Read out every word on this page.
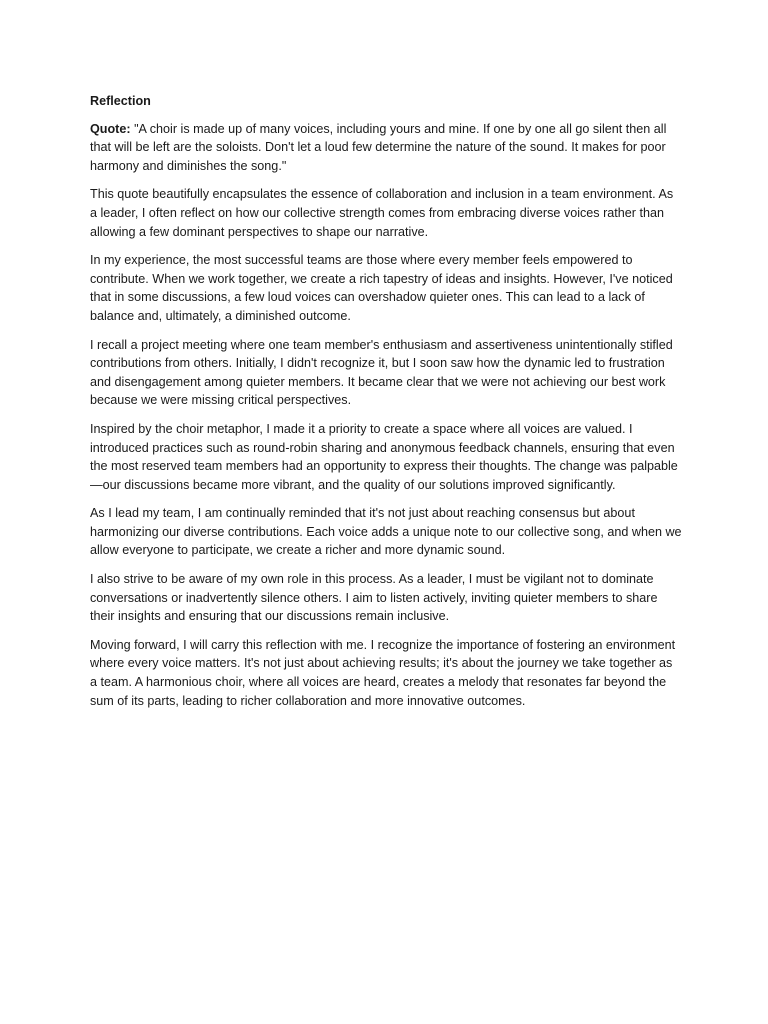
Reflection

Quote: "A choir is made up of many voices, including yours and mine. If one by one all go silent then all that will be left are the soloists. Don't let a loud few determine the nature of the sound. It makes for poor harmony and diminishes the song."

This quote beautifully encapsulates the essence of collaboration and inclusion in a team environment. As a leader, I often reflect on how our collective strength comes from embracing diverse voices rather than allowing a few dominant perspectives to shape our narrative.

In my experience, the most successful teams are those where every member feels empowered to contribute. When we work together, we create a rich tapestry of ideas and insights. However, I've noticed that in some discussions, a few loud voices can overshadow quieter ones. This can lead to a lack of balance and, ultimately, a diminished outcome.

I recall a project meeting where one team member's enthusiasm and assertiveness unintentionally stifled contributions from others. Initially, I didn't recognize it, but I soon saw how the dynamic led to frustration and disengagement among quieter members. It became clear that we were not achieving our best work because we were missing critical perspectives.

Inspired by the choir metaphor, I made it a priority to create a space where all voices are valued. I introduced practices such as round-robin sharing and anonymous feedback channels, ensuring that even the most reserved team members had an opportunity to express their thoughts. The change was palpable—our discussions became more vibrant, and the quality of our solutions improved significantly.

As I lead my team, I am continually reminded that it's not just about reaching consensus but about harmonizing our diverse contributions. Each voice adds a unique note to our collective song, and when we allow everyone to participate, we create a richer and more dynamic sound.

I also strive to be aware of my own role in this process. As a leader, I must be vigilant not to dominate conversations or inadvertently silence others. I aim to listen actively, inviting quieter members to share their insights and ensuring that our discussions remain inclusive.

Moving forward, I will carry this reflection with me. I recognize the importance of fostering an environment where every voice matters. It's not just about achieving results; it's about the journey we take together as a team. A harmonious choir, where all voices are heard, creates a melody that resonates far beyond the sum of its parts, leading to richer collaboration and more innovative outcomes.
